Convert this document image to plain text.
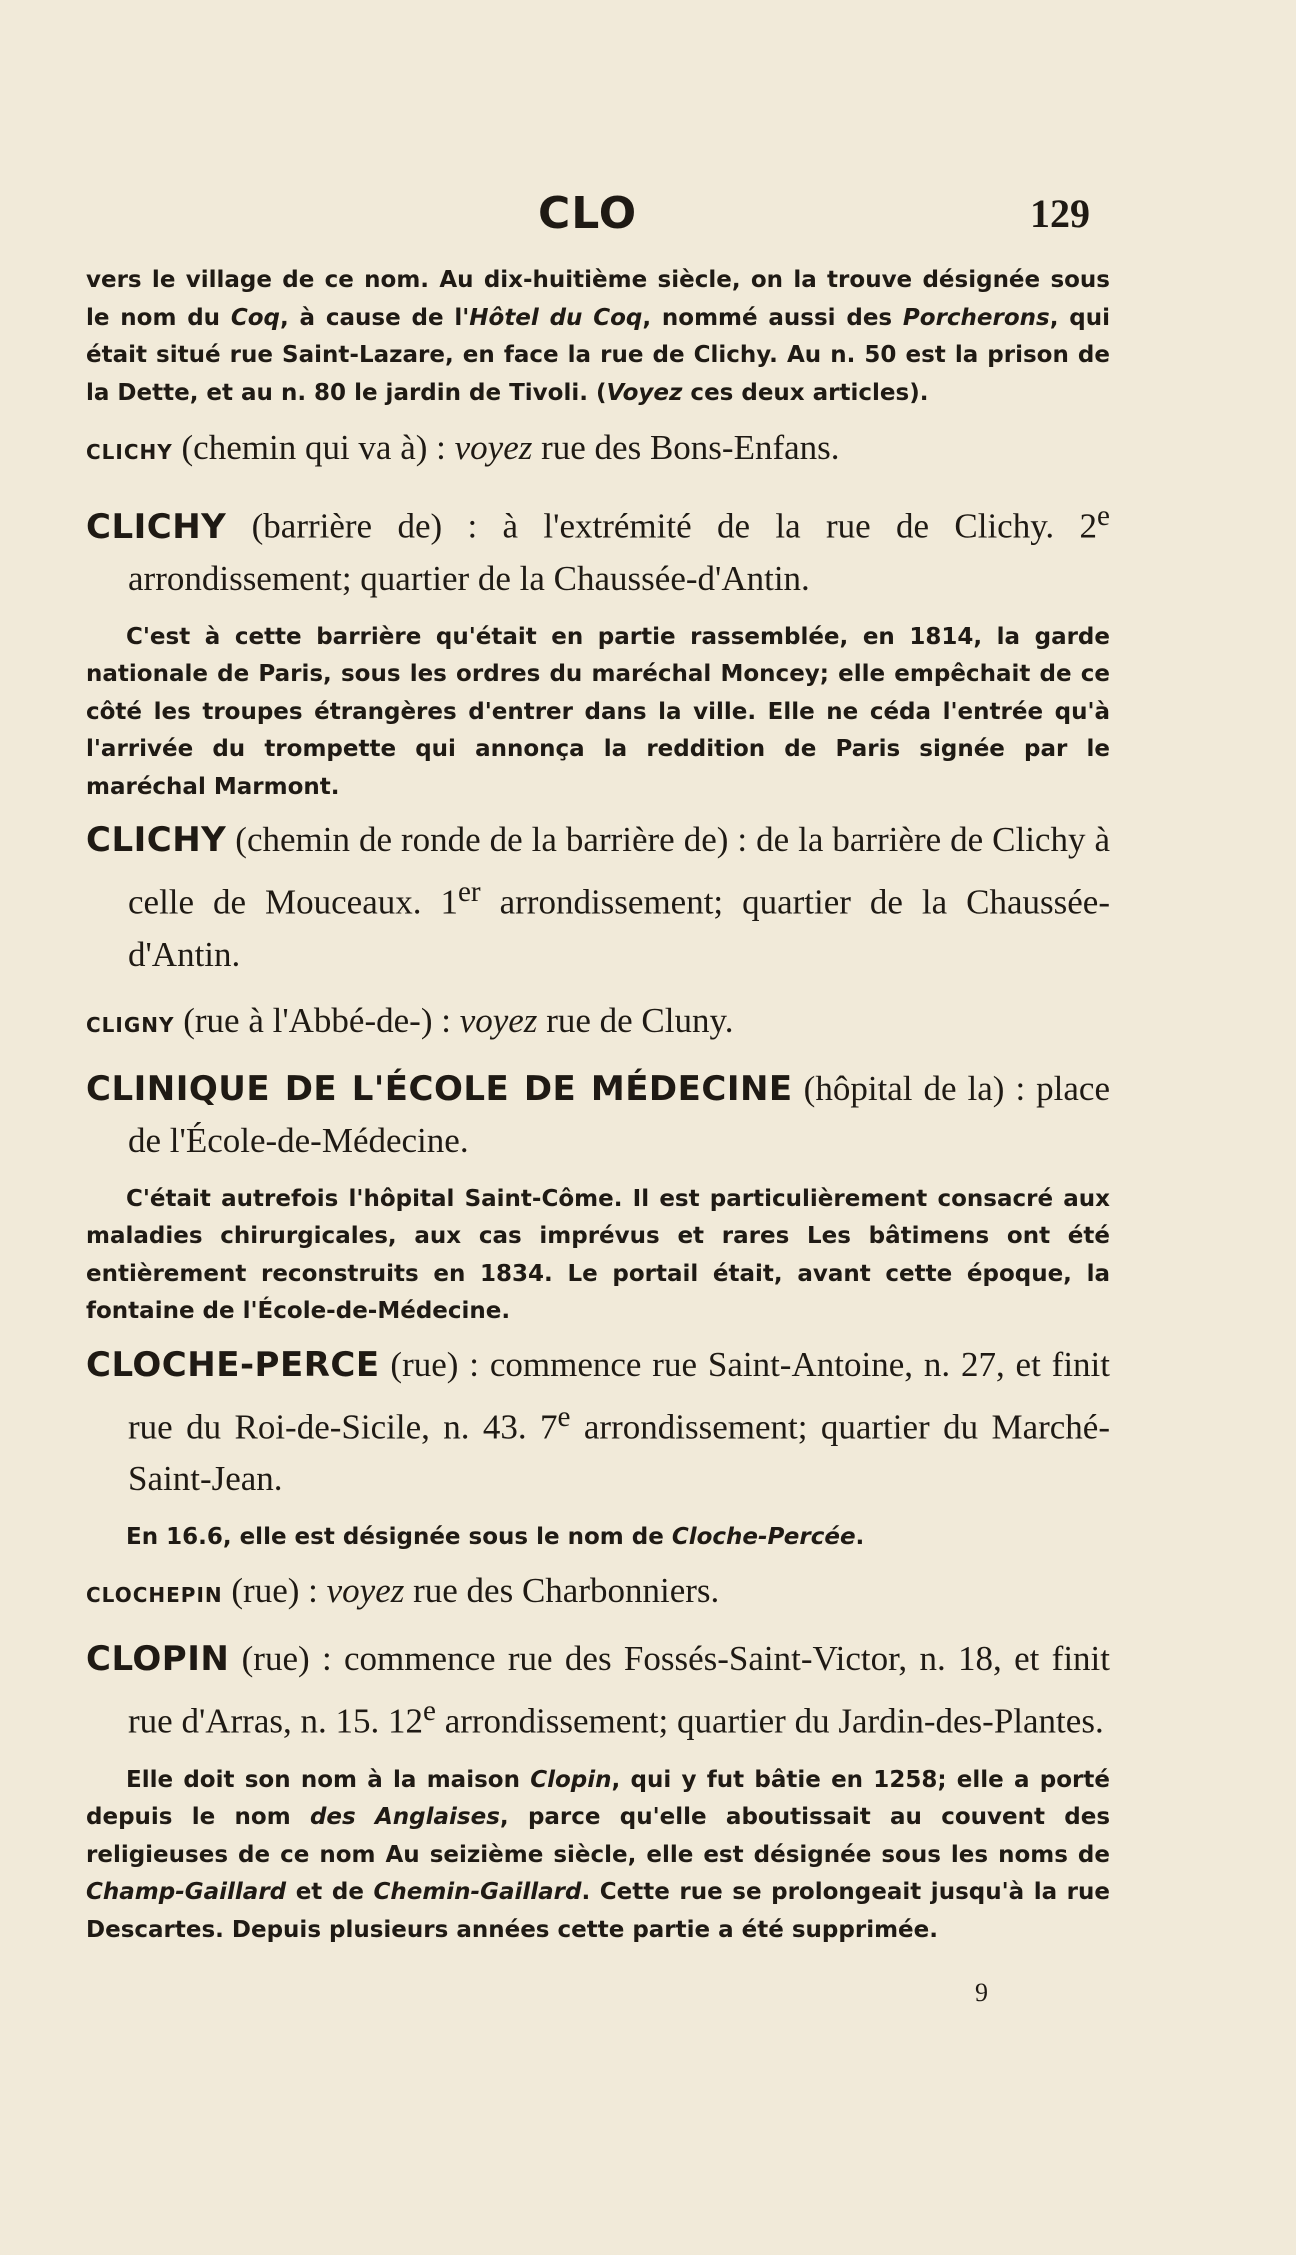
CLO	129

vers le village de ce nom. Au dix-huitième siècle, on la trouve désignée sous le nom du Coq, à cause de l'Hôtel du Coq, nommé aussi des Porcherons, qui était situé rue Saint-Lazare, en face la rue de Clichy. Au n. 50 est la prison de la Dette, et au n. 80 le jardin de Tivoli. (Voyez ces deux articles).

CLICHY (chemin qui va à) : voyez rue des Bons-Enfans.

CLICHY (barrière de) : à l'extrémité de la rue de Clichy. 2e arrondissement; quartier de la Chaussée-d'Antin.

C'est à cette barrière qu'était en partie rassemblée, en 1814, la garde nationale de Paris, sous les ordres du maréchal Moncey; elle empêchait de ce côté les troupes étrangères d'entrer dans la ville. Elle ne céda l'entrée qu'à l'arrivée du trompette qui annonça la reddition de Paris signée par le maréchal Marmont.

CLICHY (chemin de ronde de la barrière de) : de la barrière de Clichy à celle de Mouceaux. 1er arrondissement; quartier de la Chaussée-d'Antin.

CLIGNY (rue à l'Abbé-de-) : voyez rue de Cluny.

CLINIQUE DE L'ÉCOLE DE MÉDECINE (hôpital de la) : place de l'École-de-Médecine.

C'était autrefois l'hôpital Saint-Côme. Il est particulièrement consacré aux maladies chirurgicales, aux cas imprévus et rares Les bâtimens ont été entièrement reconstruits en 1834. Le portail était, avant cette époque, la fontaine de l'École-de-Médecine.

CLOCHE-PERCE (rue) : commence rue Saint-Antoine, n. 27, et finit rue du Roi-de-Sicile, n. 43. 7e arrondissement; quartier du Marché-Saint-Jean.

En 16.6, elle est désignée sous le nom de Cloche-Percée.

CLOCHEPIN (rue) : voyez rue des Charbonniers.

CLOPIN (rue) : commence rue des Fossés-Saint-Victor, n. 18, et finit rue d'Arras, n. 15. 12e arrondissement; quartier du Jardin-des-Plantes.

Elle doit son nom à la maison Clopin, qui y fut bâtie en 1258; elle a porté depuis le nom des Anglaises, parce qu'elle aboutissait au couvent des religieuses de ce nom Au seizième siècle, elle est désignée sous les noms de Champ-Gaillard et de Chemin-Gaillard. Cette rue se prolongeait jusqu'à la rue Descartes. Depuis plusieurs années cette partie a été supprimée.

9
